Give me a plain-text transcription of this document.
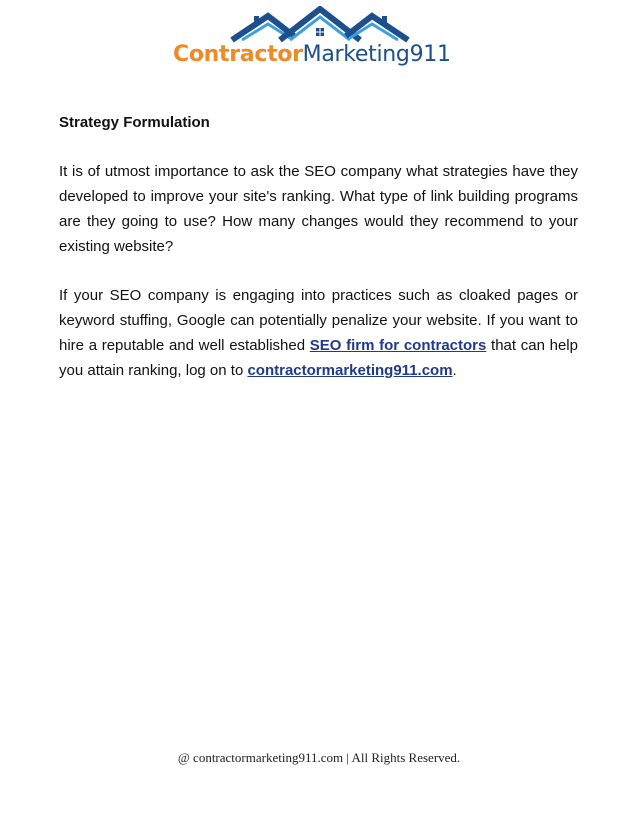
ContractorMarketing911

Strategy Formulation

It is of utmost importance to ask the SEO company what strategies have they developed to improve your site's ranking. What type of link building programs are they going to use? How many changes would they recommend to your existing website?

If your SEO company is engaging into practices such as cloaked pages or keyword stuffing, Google can potentially penalize your website. If you want to hire a reputable and well established SEO firm for contractors that can help you attain ranking, log on to contractormarketing911.com.

@ contractormarketing911.com | All Rights Reserved.
